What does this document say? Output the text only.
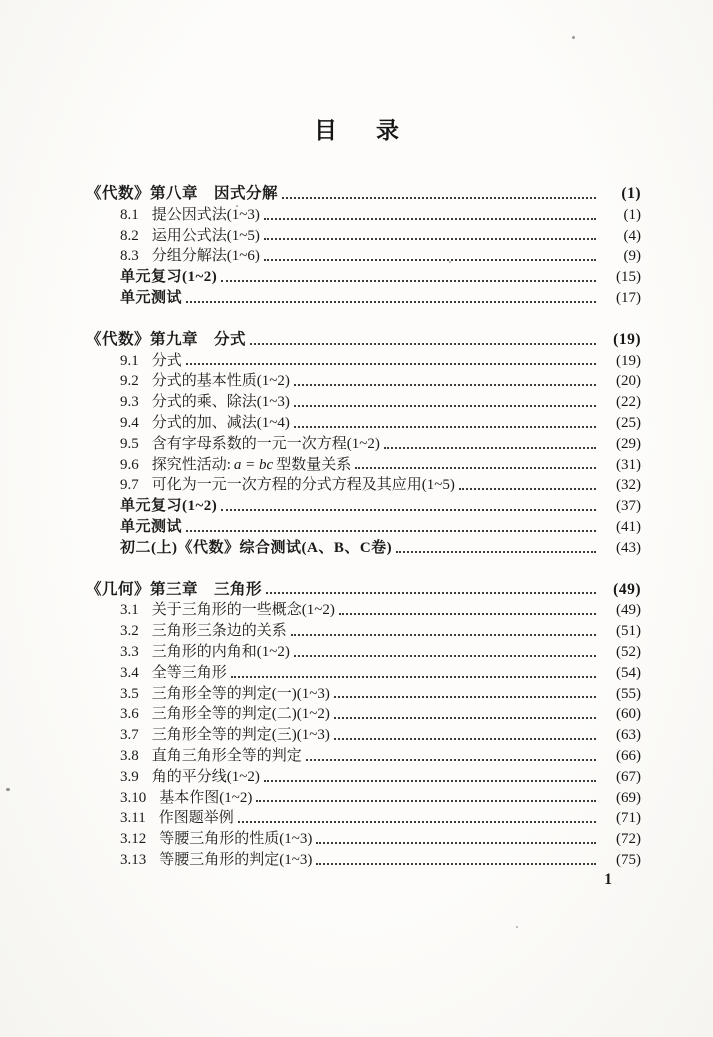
目　录
《代数》第八章　因式分解	(1)
8.1 提公因式法(1~3)	(1)
8.2 运用公式法(1~5)	(4)
8.3 分组分解法(1~6)	(9)
单元复习(1~2)	(15)
单元测试	(17)
《代数》第九章　分式	(19)
9.1 分式	(19)
9.2 分式的基本性质(1~2)	(20)
9.3 分式的乘、除法(1~3)	(22)
9.4 分式的加、减法(1~4)	(25)
9.5 含有字母系数的一元一次方程(1~2)	(29)
9.6 探究性活动: a = bc 型数量关系	(31)
9.7 可化为一元一次方程的分式方程及其应用(1~5)	(32)
单元复习(1~2)	(37)
单元测试	(41)
初二(上)《代数》综合测试(A、B、C卷)	(43)
《几何》第三章　三角形	(49)
3.1 关于三角形的一些概念(1~2)	(49)
3.2 三角形三条边的关系	(51)
3.3 三角形的内角和(1~2)	(52)
3.4 全等三角形	(54)
3.5 三角形全等的判定(一)(1~3)	(55)
3.6 三角形全等的判定(二)(1~2)	(60)
3.7 三角形全等的判定(三)(1~3)	(63)
3.8 直角三角形全等的判定	(66)
3.9 角的平分线(1~2)	(67)
3.10 基本作图(1~2)	(69)
3.11 作图题举例	(71)
3.12 等腰三角形的性质(1~3)	(72)
3.13 等腰三角形的判定(1~3)	(75)
1
